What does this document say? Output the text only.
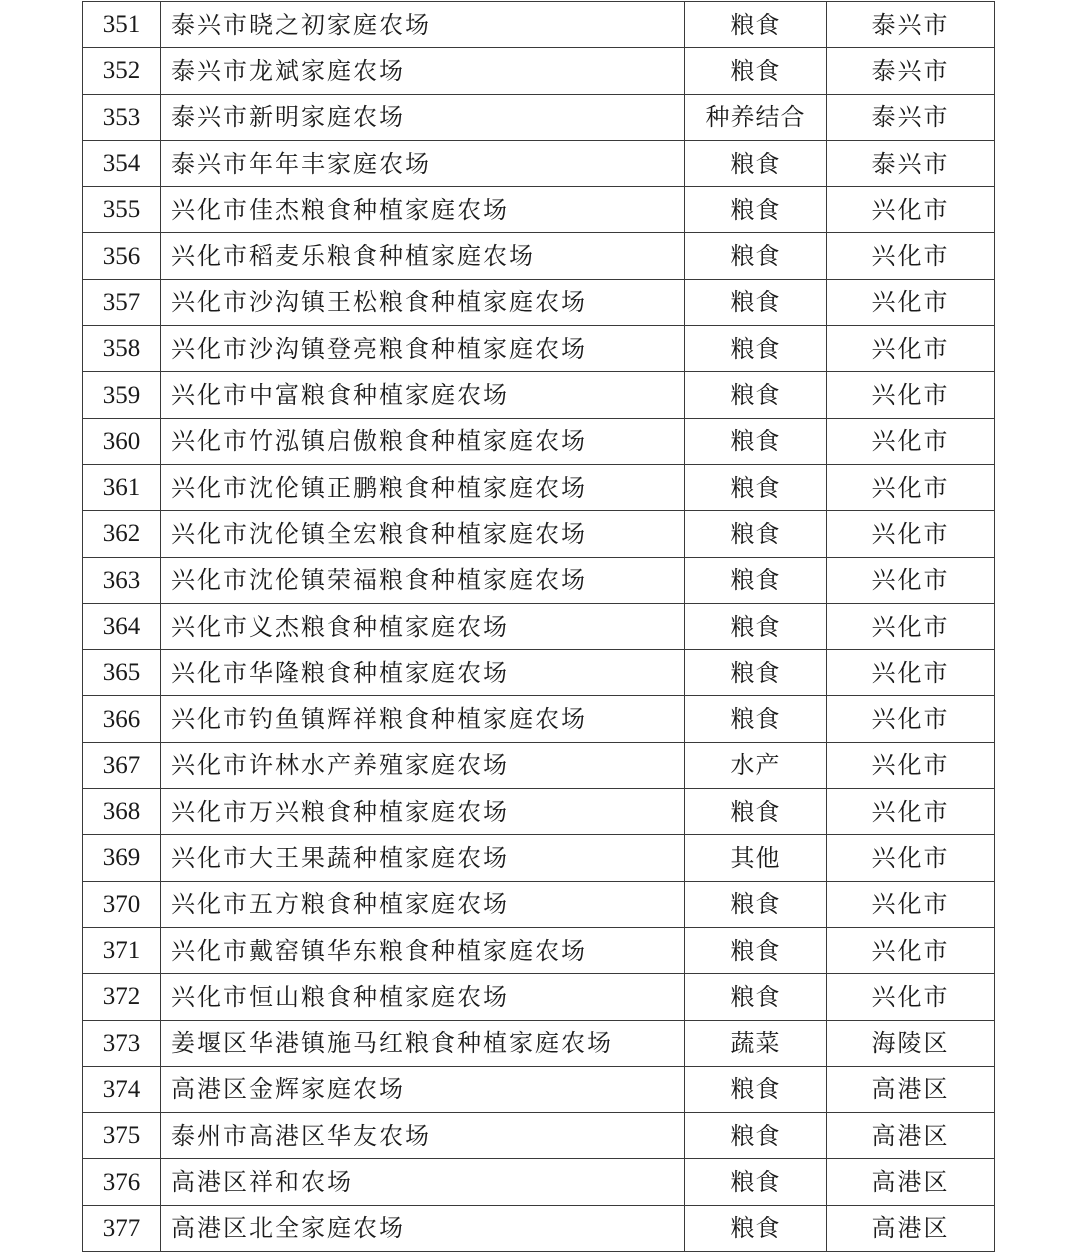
351	泰兴市晓之初家庭农场	粮食	泰兴市
352	泰兴市龙斌家庭农场	粮食	泰兴市
353	泰兴市新明家庭农场	种养结合	泰兴市
354	泰兴市年年丰家庭农场	粮食	泰兴市
355	兴化市佳杰粮食种植家庭农场	粮食	兴化市
356	兴化市稻麦乐粮食种植家庭农场	粮食	兴化市
357	兴化市沙沟镇王松粮食种植家庭农场	粮食	兴化市
358	兴化市沙沟镇登亮粮食种植家庭农场	粮食	兴化市
359	兴化市中富粮食种植家庭农场	粮食	兴化市
360	兴化市竹泓镇启傲粮食种植家庭农场	粮食	兴化市
361	兴化市沈伦镇正鹏粮食种植家庭农场	粮食	兴化市
362	兴化市沈伦镇全宏粮食种植家庭农场	粮食	兴化市
363	兴化市沈伦镇荣福粮食种植家庭农场	粮食	兴化市
364	兴化市义杰粮食种植家庭农场	粮食	兴化市
365	兴化市华隆粮食种植家庭农场	粮食	兴化市
366	兴化市钓鱼镇辉祥粮食种植家庭农场	粮食	兴化市
367	兴化市许林水产养殖家庭农场	水产	兴化市
368	兴化市万兴粮食种植家庭农场	粮食	兴化市
369	兴化市大王果蔬种植家庭农场	其他	兴化市
370	兴化市五方粮食种植家庭农场	粮食	兴化市
371	兴化市戴窑镇华东粮食种植家庭农场	粮食	兴化市
372	兴化市恒山粮食种植家庭农场	粮食	兴化市
373	姜堰区华港镇施马红粮食种植家庭农场	蔬菜	海陵区
374	高港区金辉家庭农场	粮食	高港区
375	泰州市高港区华友农场	粮食	高港区
376	高港区祥和农场	粮食	高港区
377	高港区北全家庭农场	粮食	高港区
